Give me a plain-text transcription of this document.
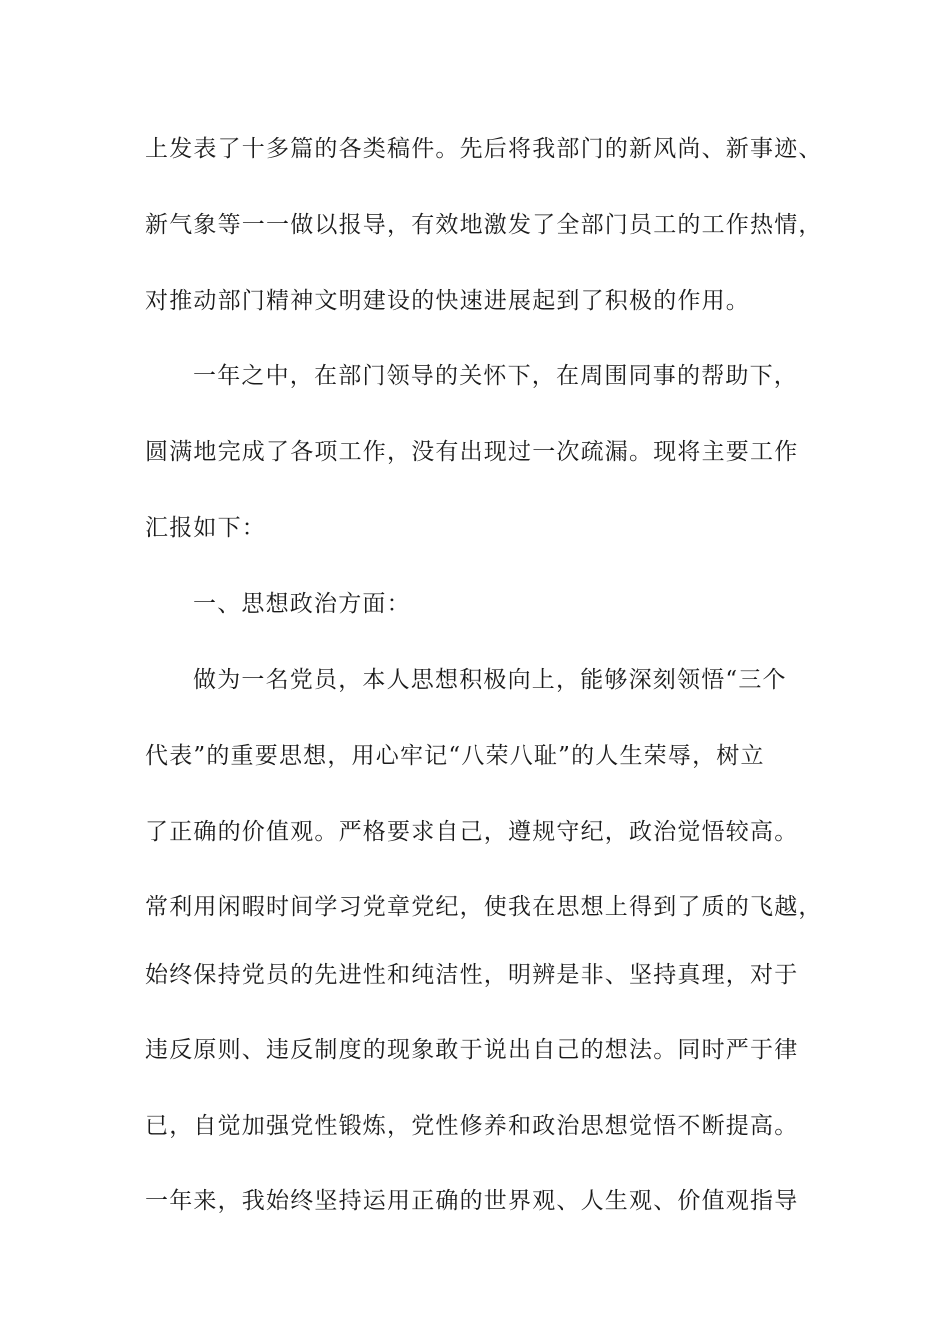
上发表了十多篇的各类稿件。先后将我部门的新风尚、新事迹、
新气象等一一做以报导，有效地激发了全部门员工的工作热情，
对推动部门精神文明建设的快速进展起到了积极的作用。
一年之中，在部门领导的关怀下，在周围同事的帮助下，
圆满地完成了各项工作，没有出现过一次疏漏。现将主要工作
汇报如下：
一、思想政治方面：
做为一名党员，本人思想积极向上，能够深刻领悟“三个
代表”的重要思想，用心牢记“八荣八耻”的人生荣辱，树立
了正确的价值观。严格要求自己，遵规守纪，政治觉悟较高。
常利用闲暇时间学习党章党纪，使我在思想上得到了质的飞越，
始终保持党员的先进性和纯洁性，明辨是非、坚持真理，对于
违反原则、违反制度的现象敢于说出自己的想法。同时严于律
已，自觉加强党性锻炼，党性修养和政治思想觉悟不断提高。
一年来，我始终坚持运用正确的世界观、人生观、价值观指导
